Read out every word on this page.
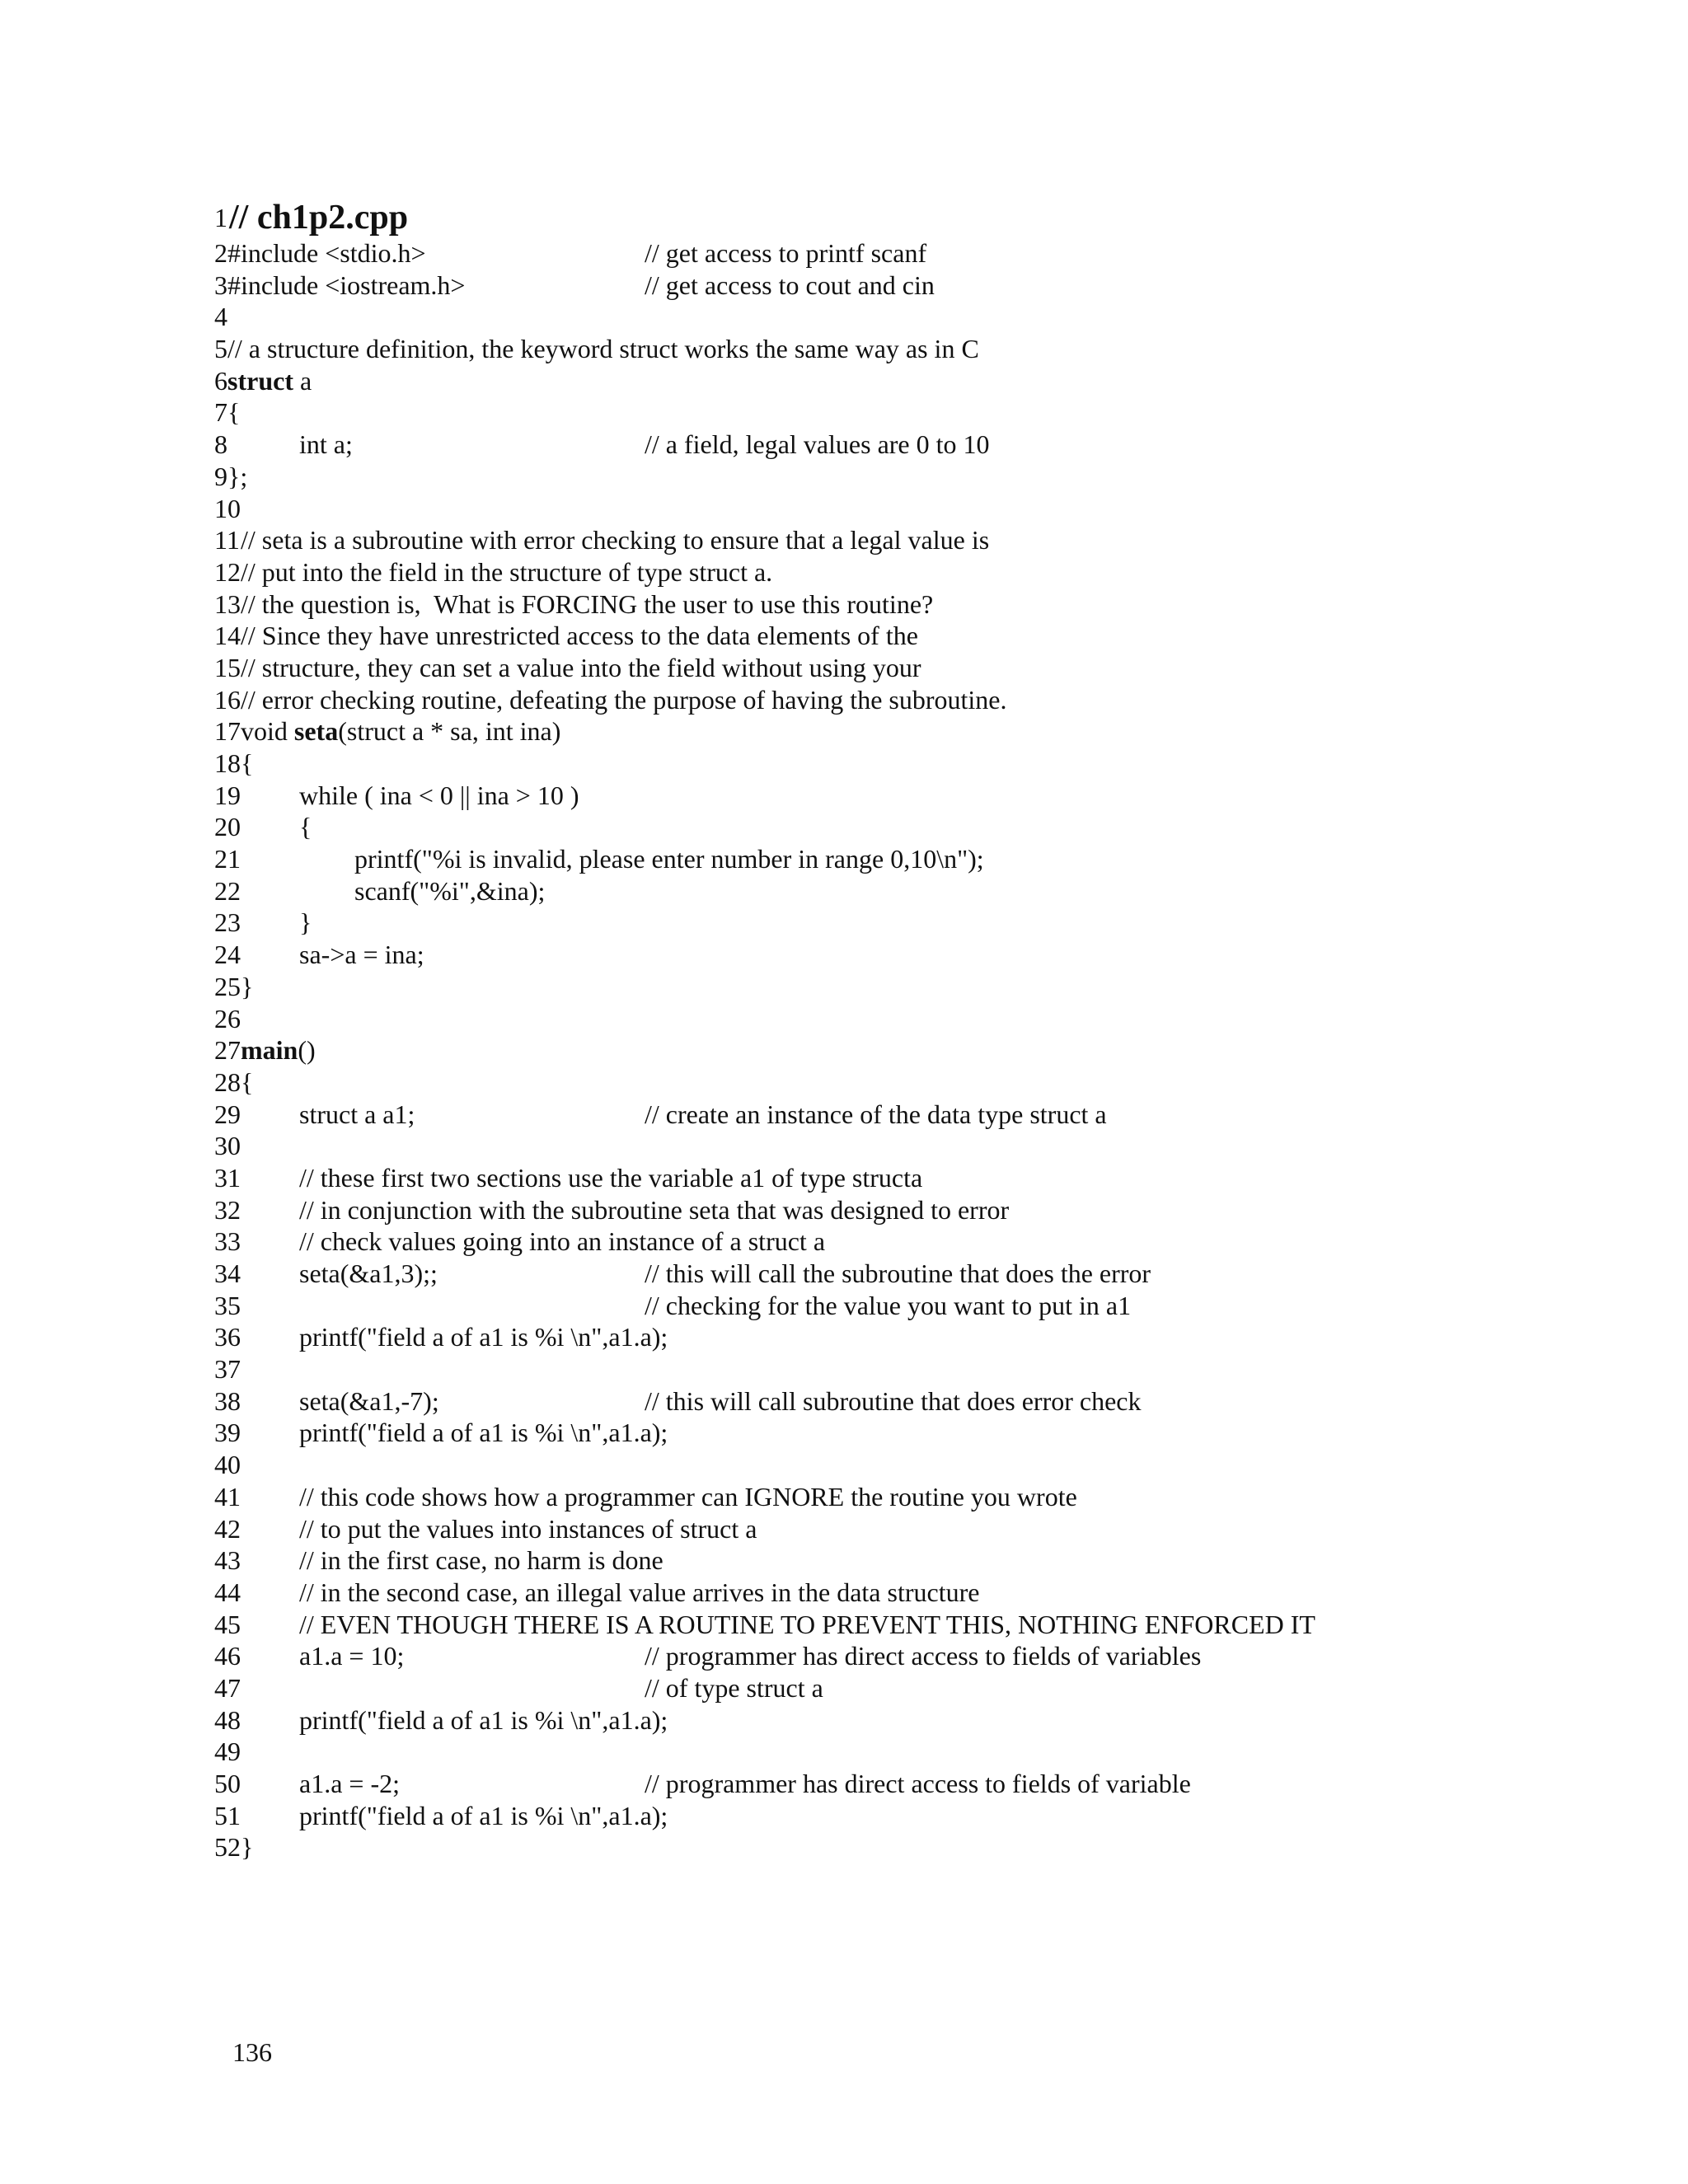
1 // ch1p2.cpp

2 #include <stdio.h>	// get access to printf scanf
3 #include <iostream.h>	// get access to cout and cin
4
5 // a structure definition, the keyword struct works the same way as in C
6 struct a
7 {
8	int a;	// a field, legal values are 0 to 10
9 };
10
11 // seta is a subroutine with error checking to ensure that a legal value is
12 // put into the field in the structure of type struct a.
13 // the question is,  What is FORCING the user to use this routine?
14 // Since they have unrestricted access to the data elements of the
15 // structure, they can set a value into the field without using your
16 // error checking routine, defeating the purpose of having the subroutine.
17 void seta(struct a * sa, int ina)
18 {
19 while ( ina < 0 || ina > 10 )
20 {
21	printf("%i is invalid, please enter number in range 0,10\n");
22	scanf("%i",&ina);
23 }
24 sa->a = ina;
25 }
26
27 main()
28 {
29 struct a a1;	// create an instance of the data type struct a
30
31 // these first two sections use the variable a1 of type structa
32 // in conjunction with the subroutine seta that was designed to error
33 // check values going into an instance of a struct a
34 seta(&a1,3);;	// this will call the subroutine that does the error
35	// checking for the value you want to put in a1
36 printf("field a of a1 is %i \n",a1.a);
37
38 seta(&a1,-7);	// this will call subroutine that does error check
39 printf("field a of a1 is %i \n",a1.a);
40
41 // this code shows how a programmer can IGNORE the routine you wrote
42 // to put the values into instances of struct a
43 // in the first case, no harm is done
44 // in the second case, an illegal value arrives in the data structure
45 // EVEN THOUGH THERE IS A ROUTINE TO PREVENT THIS, NOTHING ENFORCED IT
46 a1.a = 10;	// programmer has direct access to fields of variables
47	// of type struct a
48 printf("field a of a1 is %i \n",a1.a);
49
50 a1.a = -2;	// programmer has direct access to fields of variable
51 printf("field a of a1 is %i \n",a1.a);
52 }
136
